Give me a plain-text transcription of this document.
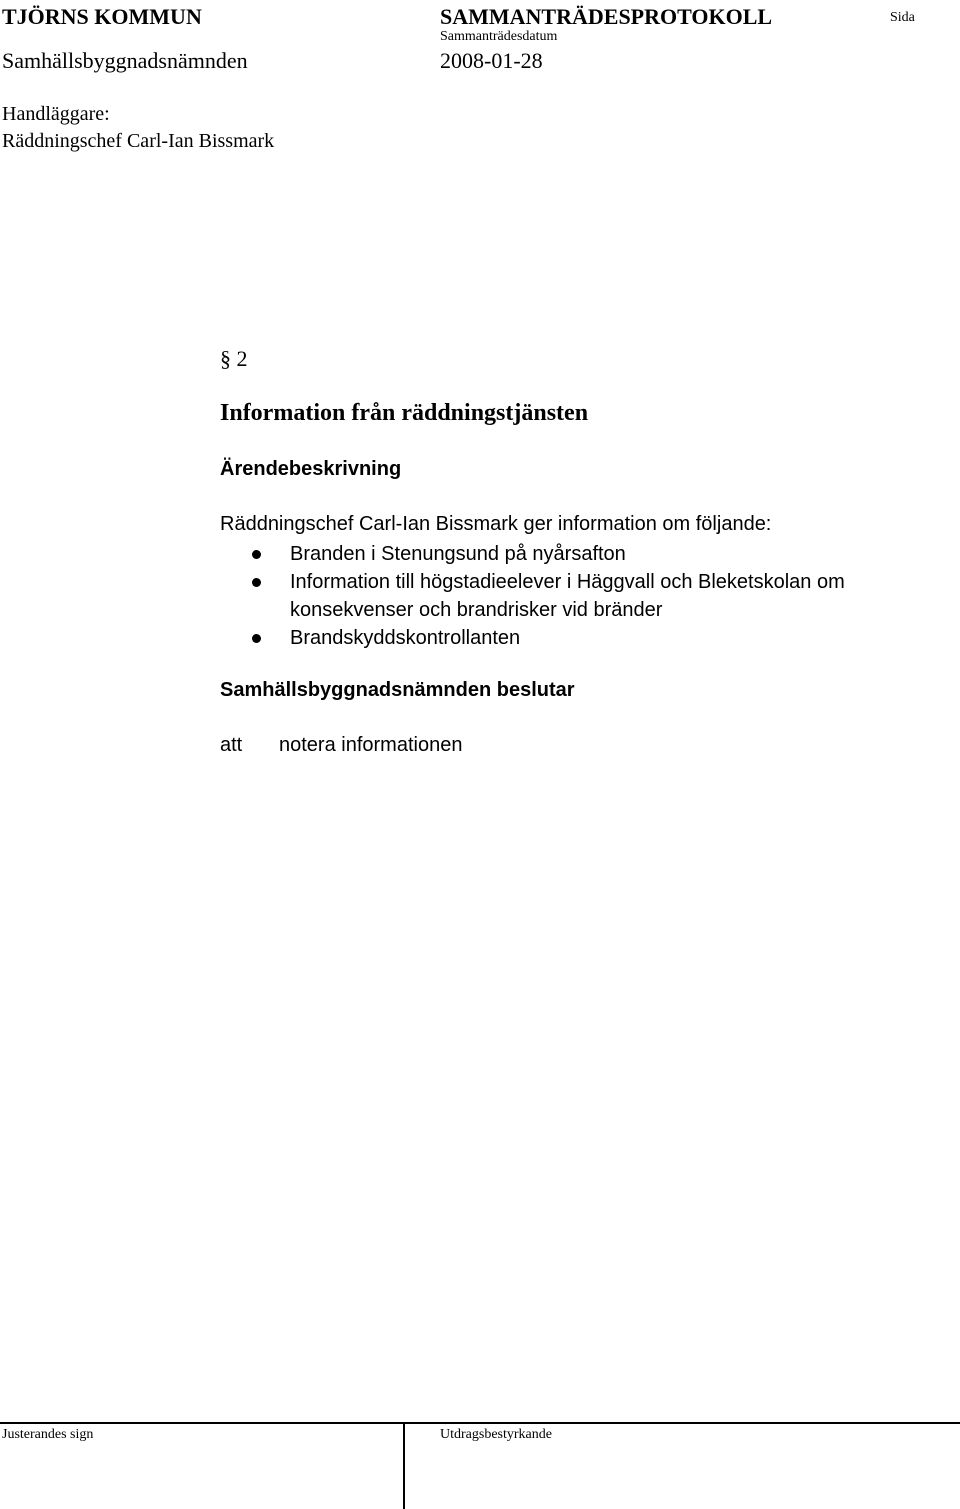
TJÖRNS KOMMUN	SAMMANTRÄDESPROTOKOLL	Sida
Sammanträdesdatum
Samhällsbyggnadsnämnden	2008-01-28
Handläggare:
Räddningschef Carl-Ian Bissmark
§ 2
Information från räddningstjänsten
Ärendebeskrivning
Räddningschef Carl-Ian Bissmark ger information om följande:
Branden i Stenungsund på nyårsafton
Information till högstadieelever i Häggvall och Bleketskolan om
konsekvenser och brandrisker vid bränder
Brandskyddskontrollanten
Samhällsbyggnadsnämnden beslutar
att notera informationen
Justerandes sign	Utdragsbestyrkande
